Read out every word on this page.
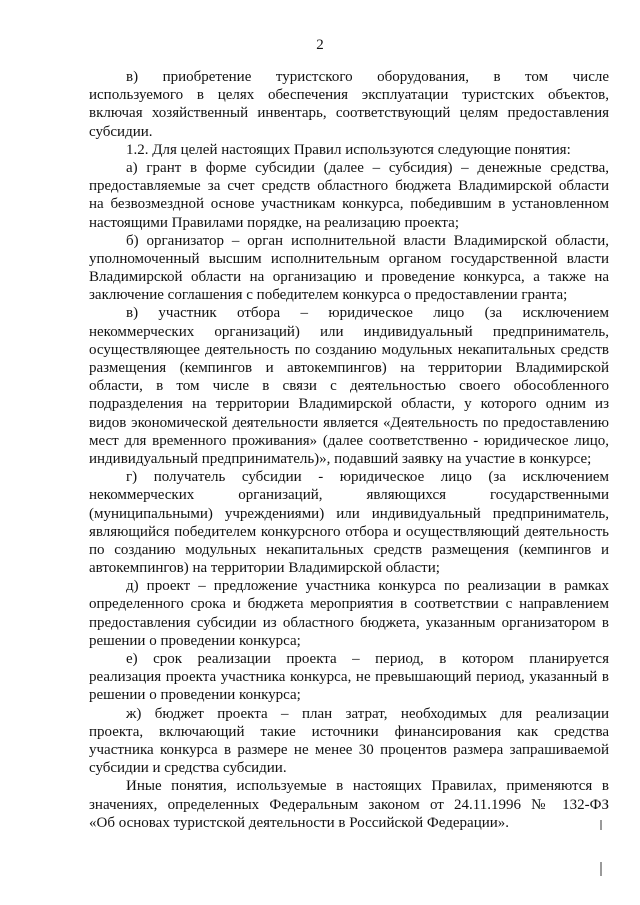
2
в) приобретение туристского оборудования, в том числе
используемого в целях обеспечения эксплуатации туристских объектов,
включая хозяйственный инвентарь, соответствующий целям предоставления
субсидии.
1.2. Для целей настоящих Правил используются следующие понятия:
а) грант в форме субсидии (далее – субсидия) – денежные средства,
предоставляемые за счет средств областного бюджета Владимирской области
на безвозмездной основе участникам конкурса, победившим в установленном
настоящими Правилами порядке, на реализацию проекта;
б) организатор – орган исполнительной власти Владимирской области,
уполномоченный высшим исполнительным органом государственной власти
Владимирской области на организацию и проведение конкурса, а также на
заключение соглашения с победителем конкурса о предоставлении гранта;
в) участник отбора – юридическое лицо (за исключением
некоммерческих организаций) или индивидуальный предприниматель,
осуществляющее деятельность по созданию модульных некапитальных средств
размещения (кемпингов и автокемпингов) на территории Владимирской
области, в том числе в связи с деятельностью своего обособленного
подразделения на территории Владимирской области, у которого одним из
видов экономической деятельности является «Деятельность по предоставлению
мест для временного проживания» (далее соответственно - юридическое лицо,
индивидуальный предприниматель)», подавший заявку на участие в конкурсе;
г) получатель субсидии - юридическое лицо (за исключением
некоммерческих организаций, являющихся государственными
(муниципальными) учреждениями) или индивидуальный предприниматель,
являющийся победителем конкурсного отбора и осуществляющий деятельность
по созданию модульных некапитальных средств размещения (кемпингов и
автокемпингов) на территории Владимирской области;
д) проект – предложение участника конкурса по реализации в рамках
определенного срока и бюджета мероприятия в соответствии с направлением
предоставления субсидии из областного бюджета, указанным организатором в
решении о проведении конкурса;
е) срок реализации проекта – период, в котором планируется
реализация проекта участника конкурса, не превышающий период, указанный в
решении о проведении конкурса;
ж) бюджет проекта – план затрат, необходимых для реализации
проекта, включающий такие источники финансирования как средства
участника конкурса в размере не менее 30 процентов размера запрашиваемой
субсидии и средства субсидии.
Иные понятия, используемые в настоящих Правилах, применяются в
значениях, определенных Федеральным законом от 24.11.1996 № 132-ФЗ
«Об основах туристской деятельности в Российской Федерации».
